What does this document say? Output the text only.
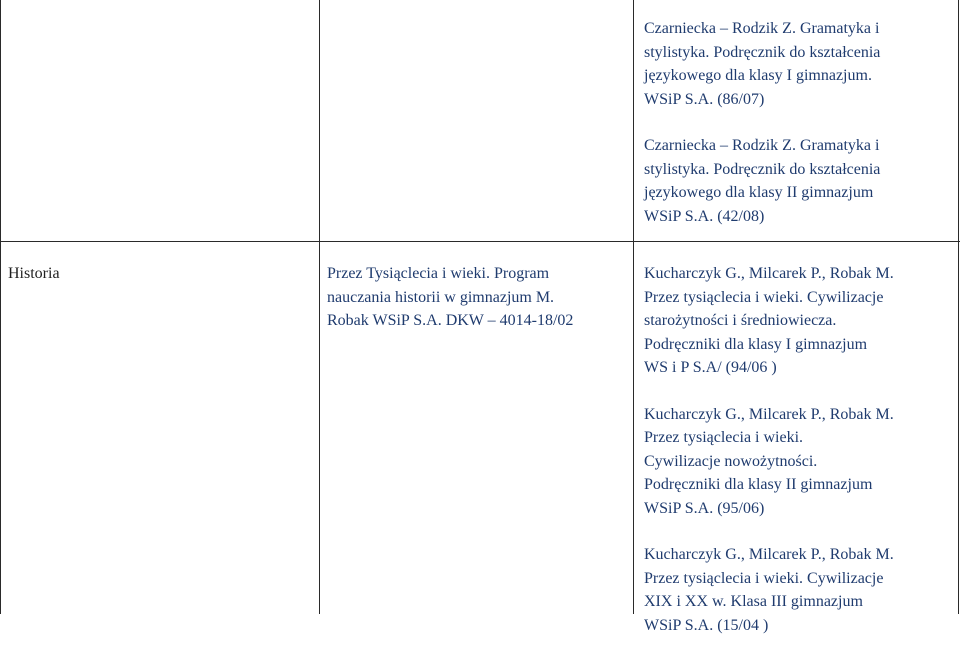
Czarniecka – Rodzik Z. Gramatyka i

stylistyka. Podręcznik do kształcenia

językowego dla klasy I gimnazjum.

WSiP S.A. (86/07)

Czarniecka – Rodzik Z. Gramatyka i

stylistyka. Podręcznik do kształcenia

językowego dla klasy II gimnazjum

WSiP S.A. (42/08)

Historia	Przez Tysiąclecia i wieki. Program

nauczania historii w gimnazjum M.

Robak WSiP S.A. DKW – 4014-18/02

Kucharczyk G., Milcarek P., Robak M.

Przez tysiąclecia i wieki. Cywilizacje

starożytności i średniowiecza.

Podręczniki dla klasy I gimnazjum

WS i P S.A/ (94/06 )

Kucharczyk G., Milcarek P., Robak M.

Przez tysiąclecia i wieki.

Cywilizacje nowożytności.

Podręczniki dla klasy II gimnazjum

WSiP S.A. (95/06)

Kucharczyk G., Milcarek P., Robak M.

Przez tysiąclecia i wieki. Cywilizacje

XIX i XX w. Klasa III gimnazjum

WSiP S.A. (15/04 )
